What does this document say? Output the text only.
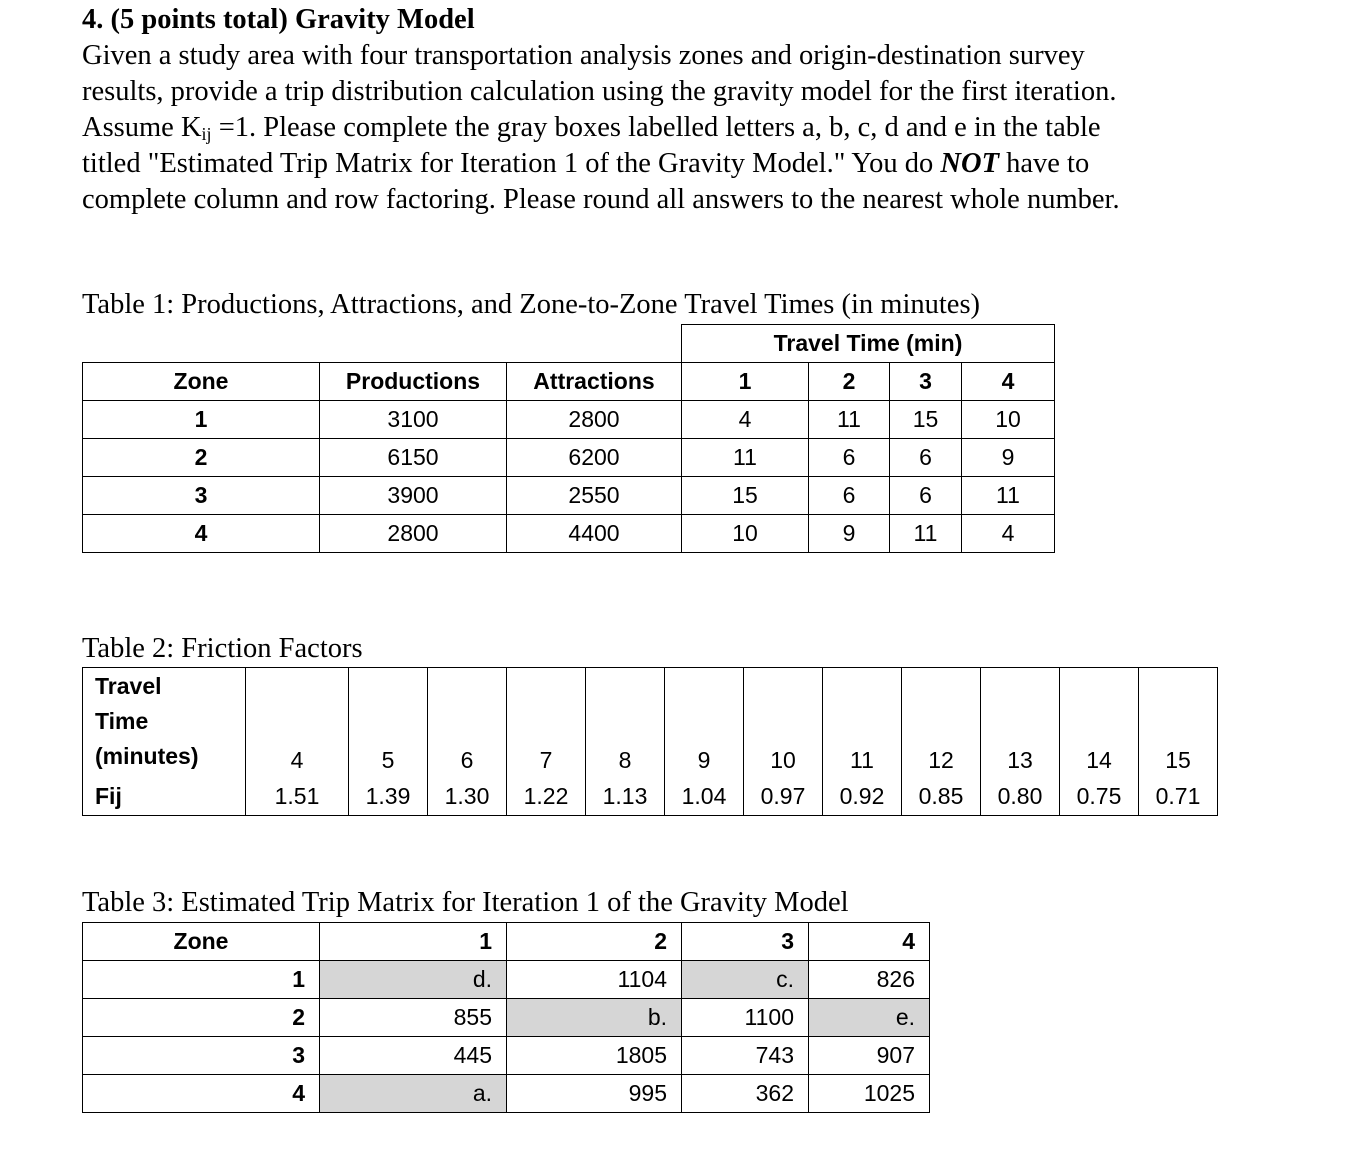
4. (5 points total) Gravity Model
Given a study area with four transportation analysis zones and origin-destination survey
results, provide a trip distribution calculation using the gravity model for the first iteration.
Assume $K_{ij} =1$. Please complete the gray boxes labelled letters a, b, c, d and e in the table
titled "Estimated Trip Matrix for Iteration 1 of the Gravity Model." You do NOT have to
complete column and row factoring. Please round all answers to the nearest whole number.
Table 1: Productions, Attractions, and Zone-to-Zone Travel Times (in minutes)
			Travel Time (min)			
Zone	Productions	Attractions	1	2	3	4
1	3100	2800	4	11	15	10
2	6150	6200	11	6	6	9
3	3900	2550	15	6	6	11
4	2800	4400	10	9	11	4
Table 2: Friction Factors
Travel
Time
(minutes)	4	5	6	7	8	9	10	11	12	13	14	15
Fij	1.51	1.39	1.30	1.22	1.13	1.04	0.97	0.92	0.85	0.80	0.75	0.71
Table 3: Estimated Trip Matrix for Iteration 1 of the Gravity Model
Zone	1	2	3	4
1	d.	1104	c.	826
2	855	b.	1100	e.
3	445	1805	743	907
4	a.	995	362	1025
